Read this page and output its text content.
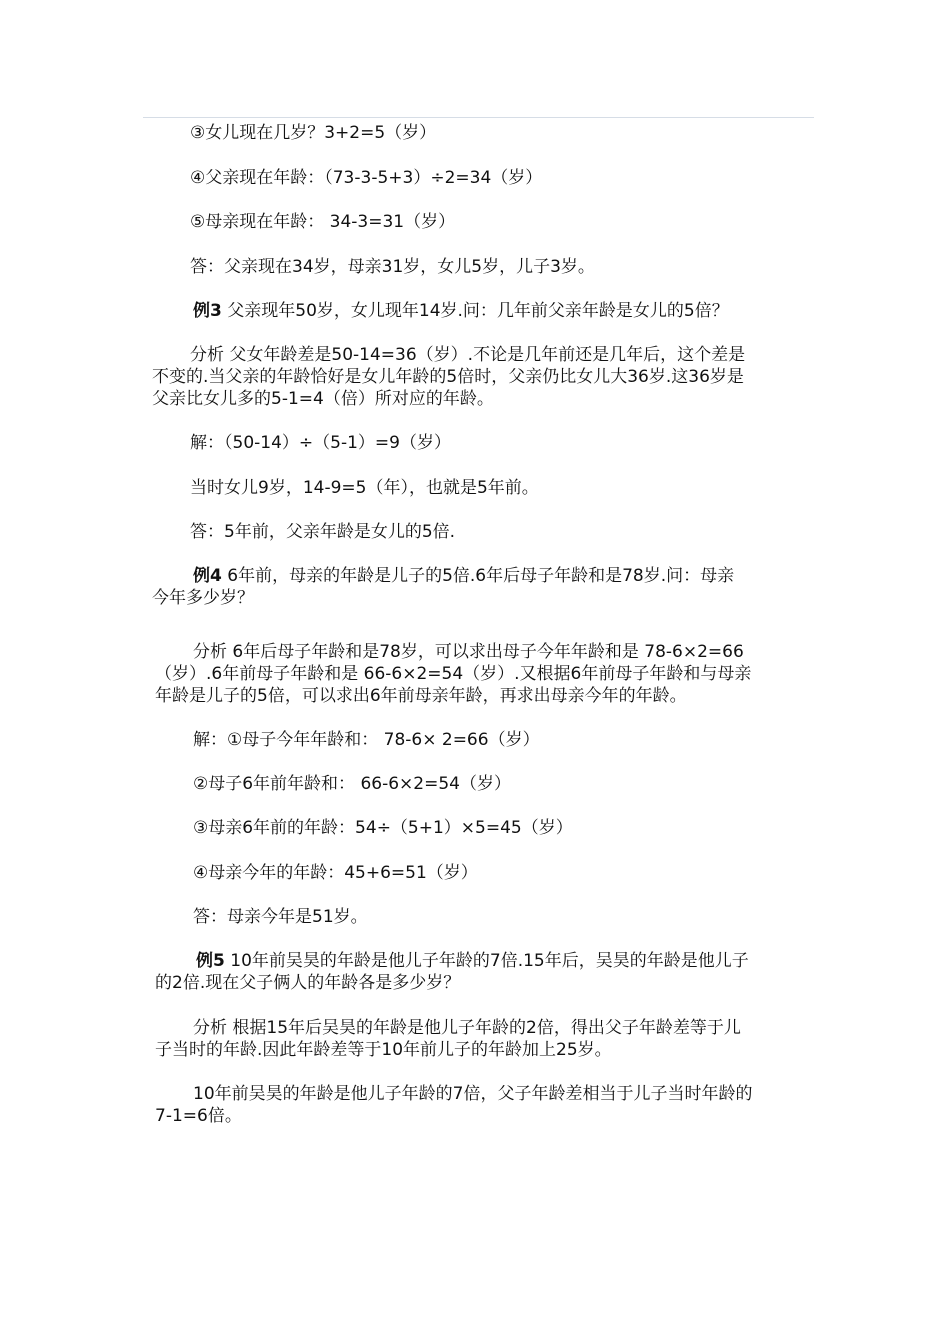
③女儿现在几岁？3+2=5（岁）

④父亲现在年龄：（73-3-5+3）÷2=34（岁）

⑤母亲现在年龄： 34-3=31（岁）

答：父亲现在34岁，母亲31岁，女儿5岁，儿子3岁。

例3 父亲现年50岁，女儿现年14岁.问：几年前父亲年龄是女儿的5倍？

分析 父女年龄差是50-14=36（岁）.不论是几年前还是几年后，这个差是

不变的.当父亲的年龄恰好是女儿年龄的5倍时，父亲仍比女儿大36岁.这36岁是

父亲比女儿多的5-1=4（倍）所对应的年龄。

解：（50-14）÷（5-1）=9（岁）

当时女儿9岁，14-9=5（年），也就是5年前。

答：5年前，父亲年龄是女儿的5倍.

例4 6年前，母亲的年龄是儿子的5倍.6年后母子年龄和是78岁.问：母亲

今年多少岁？

分析 6年后母子年龄和是78岁，可以求出母子今年年龄和是 78-6×2=66

（岁）.6年前母子年龄和是 66-6×2=54（岁）.又根据6年前母子年龄和与母亲

年龄是儿子的5倍，可以求出6年前母亲年龄，再求出母亲今年的年龄。

解：①母子今年年龄和： 78-6× 2=66（岁）

②母子6年前年龄和： 66-6×2=54（岁）

③母亲6年前的年龄：54÷（5+1）×5=45（岁）

④母亲今年的年龄：45+6=51（岁）

答：母亲今年是51岁。

例5 10年前吴昊的年龄是他儿子年龄的7倍.15年后，吴昊的年龄是他儿子

的2倍.现在父子俩人的年龄各是多少岁？

分析 根据15年后吴昊的年龄是他儿子年龄的2倍，得出父子年龄差等于儿

子当时的年龄.因此年龄差等于10年前儿子的年龄加上25岁。

10年前吴昊的年龄是他儿子年龄的7倍，父子年龄差相当于儿子当时年龄的

7-1=6倍。
